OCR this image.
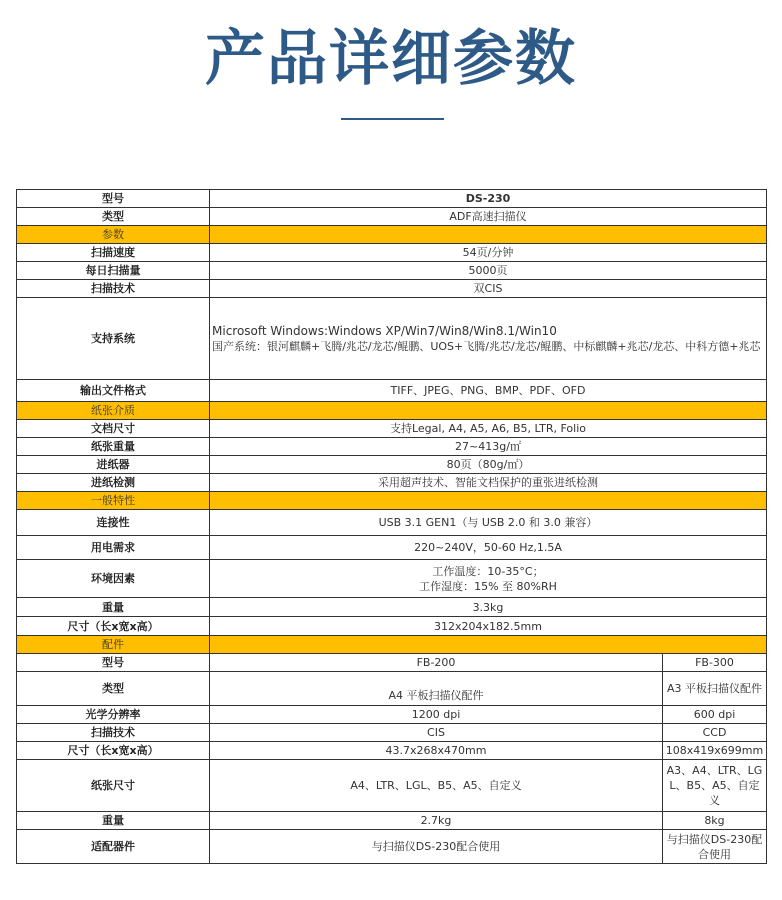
产品详细参数
型号	DS-230	
类型	ADF高速扫描仪	
参数		
扫描速度	54页/分钟	
每日扫描量	5000页	
扫描技术	双CIS	
支持系统	Microsoft Windows:Windows XP/Win7/Win8/Win8.1/Win10
国产系统：银河麒麟+飞腾/兆芯/龙芯/鲲鹏、UOS+飞腾/兆芯/龙芯/鲲鹏、中标麒麟+兆芯/龙芯、中科方德+兆芯	

输出文件格式	TIFF、JPEG、PNG、BMP、PDF、OFD	
纸张介质		
文档尺寸	支持Legal, A4, A5, A6, B5, LTR, Folio	
纸张重量	27~413g/㎡	
进纸器	80页（80g/㎡）	
进纸检测	采用超声技术、智能文档保护的重张进纸检测	
一般特性		
连接性	USB 3.1 GEN1（与 USB 2.0 和 3.0 兼容）	
用电需求	220~240V，50-60 Hz,1.5A	
环境因素	工作温度：10-35°C；
工作湿度：15% 至 80%RH	

重量	3.3kg	
尺寸（长x宽x高）	312x204x182.5mm	
配件		
型号	FB-200	FB-300
类型	A4 平板扫描仪配件	A3 平板扫描仪配件
光学分辨率	1200 dpi	600 dpi
扫描技术	CIS	CCD
尺寸（长x宽x高）	43.7x268x470mm	108x419x699mm
纸张尺寸	A4、LTR、LGL、B5、A5、自定义	A3、A4、LTR、LGL、B5、A5、自定义
重量	2.7kg	8kg
适配器件	与扫描仪DS-230配合使用	与扫描仪DS-230配合使用
